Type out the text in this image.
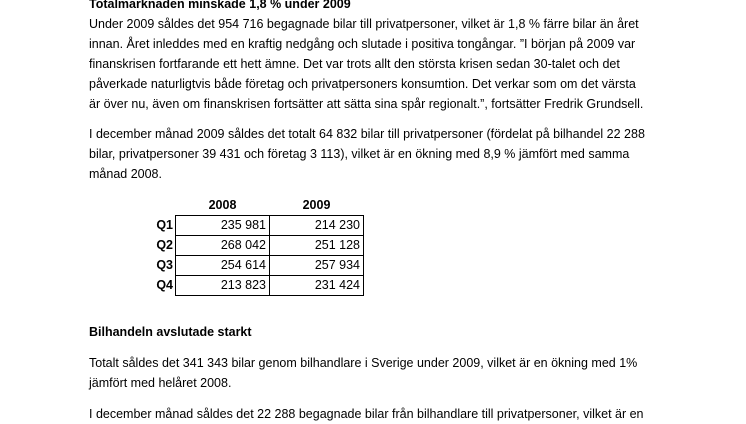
Totalmarknaden minskade 1,8 % under 2009
Under 2009 såldes det 954 716 begagnade bilar till privatpersoner, vilket är 1,8 % färre bilar än året
innan. Året inleddes med en kraftig nedgång och slutade i positiva tongångar. ”I början på 2009 var
finanskrisen fortfarande ett hett ämne. Det var trots allt den största krisen sedan 30-talet och det
påverkade naturligtvis både företag och privatpersoners konsumtion. Det verkar som om det värsta
är över nu, även om finanskrisen fortsätter att sätta sina spår regionalt.”, fortsätter Fredrik Grundsell.
I december månad 2009 såldes det totalt 64 832 bilar till privatpersoner (fördelat på bilhandel 22 288
bilar, privatpersoner 39 431 och företag 3 113), vilket är en ökning med 8,9 % jämfört med samma
månad 2008.
	2008	2009
Q1	235 981	214 230
Q2	268 042	251 128
Q3	254 614	257 934
Q4	213 823	231 424
Bilhandeln avslutade starkt
Totalt såldes det 341 343 bilar genom bilhandlare i Sverige under 2009, vilket är en ökning med 1%
jämfört med helåret 2008.
I december månad såldes det 22 288 begagnade bilar från bilhandlare till privatpersoner, vilket är en
